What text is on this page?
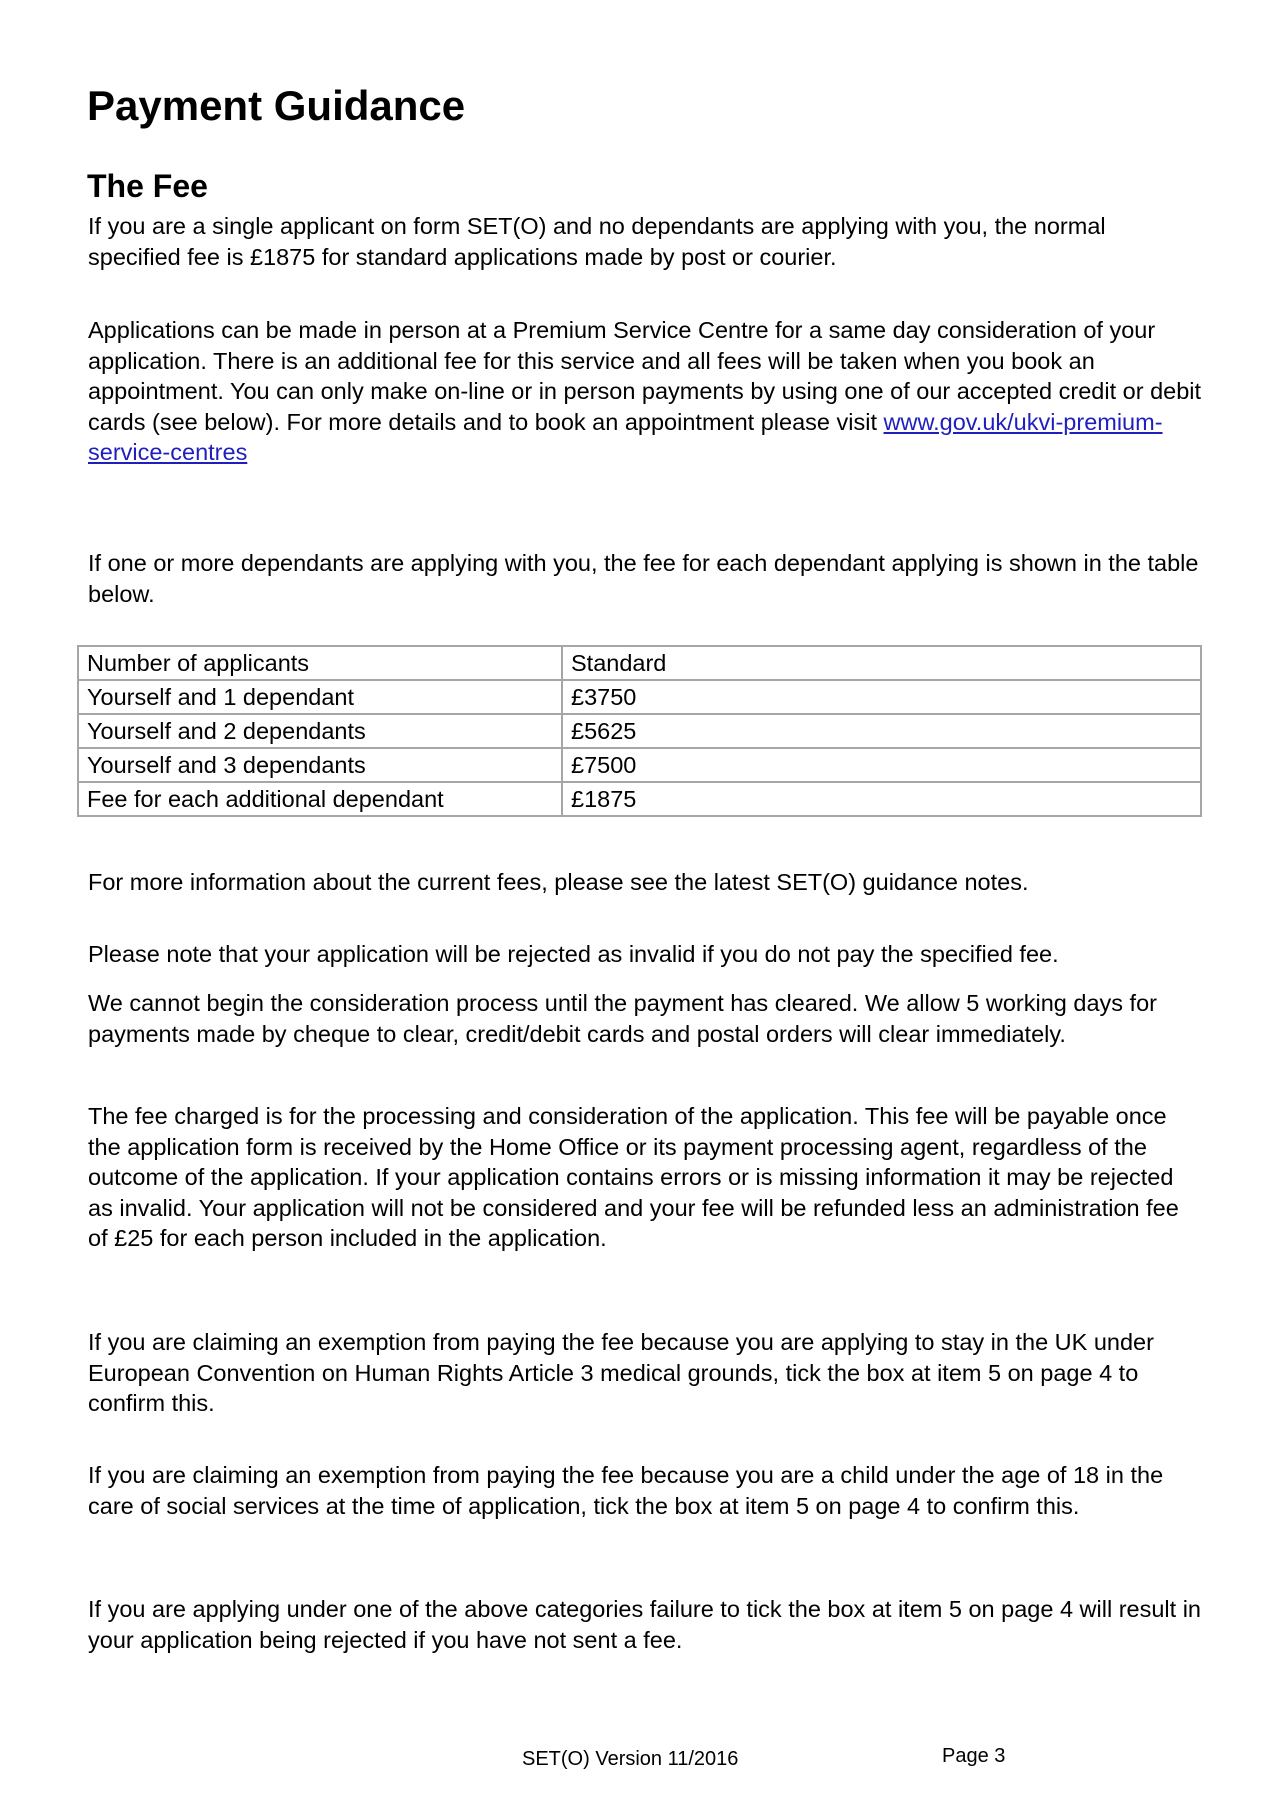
Payment Guidance
The Fee

If you are a single applicant on form SET(O) and no dependants are applying with you, the normal specified fee is £1875 for standard applications made by post or courier.

Applications can be made in person at a Premium Service Centre for a same day consideration of your application. There is an additional fee for this service and all fees will be taken when you book an appointment. You can only make on-line or in person payments by using one of our accepted credit or debit cards (see below). For more details and to book an appointment please visit www.gov.uk/ukvi-premium-service-centres

If one or more dependants are applying with you, the fee for each dependant applying is shown in the table below.

Number of applicants	Standard
Yourself and 1 dependant	£3750
Yourself and 2 dependants	£5625
Yourself and 3 dependants	£7500
Fee for each additional dependant	£1875

For more information about the current fees, please see the latest SET(O) guidance notes.

Please note that your application will be rejected as invalid if you do not pay the specified fee.

We cannot begin the consideration process until the payment has cleared. We allow 5 working days for payments made by cheque to clear, credit/debit cards and postal orders will clear immediately.

The fee charged is for the processing and consideration of the application. This fee will be payable once the application form is received by the Home Office or its payment processing agent, regardless of the outcome of the application. If your application contains errors or is missing information it may be rejected as invalid. Your application will not be considered and your fee will be refunded less an administration fee of £25 for each person included in the application.

If you are claiming an exemption from paying the fee because you are applying to stay in the UK under European Convention on Human Rights Article 3 medical grounds, tick the box at item 5 on page 4 to confirm this.

If you are claiming an exemption from paying the fee because you are a child under the age of 18 in the care of social services at the time of application, tick the box at item 5 on page 4 to confirm this.

If you are applying under one of the above categories failure to tick the box at item 5 on page 4 will result in your application being rejected if you have not sent a fee.

SET(O) Version 11/2016	Page 3
